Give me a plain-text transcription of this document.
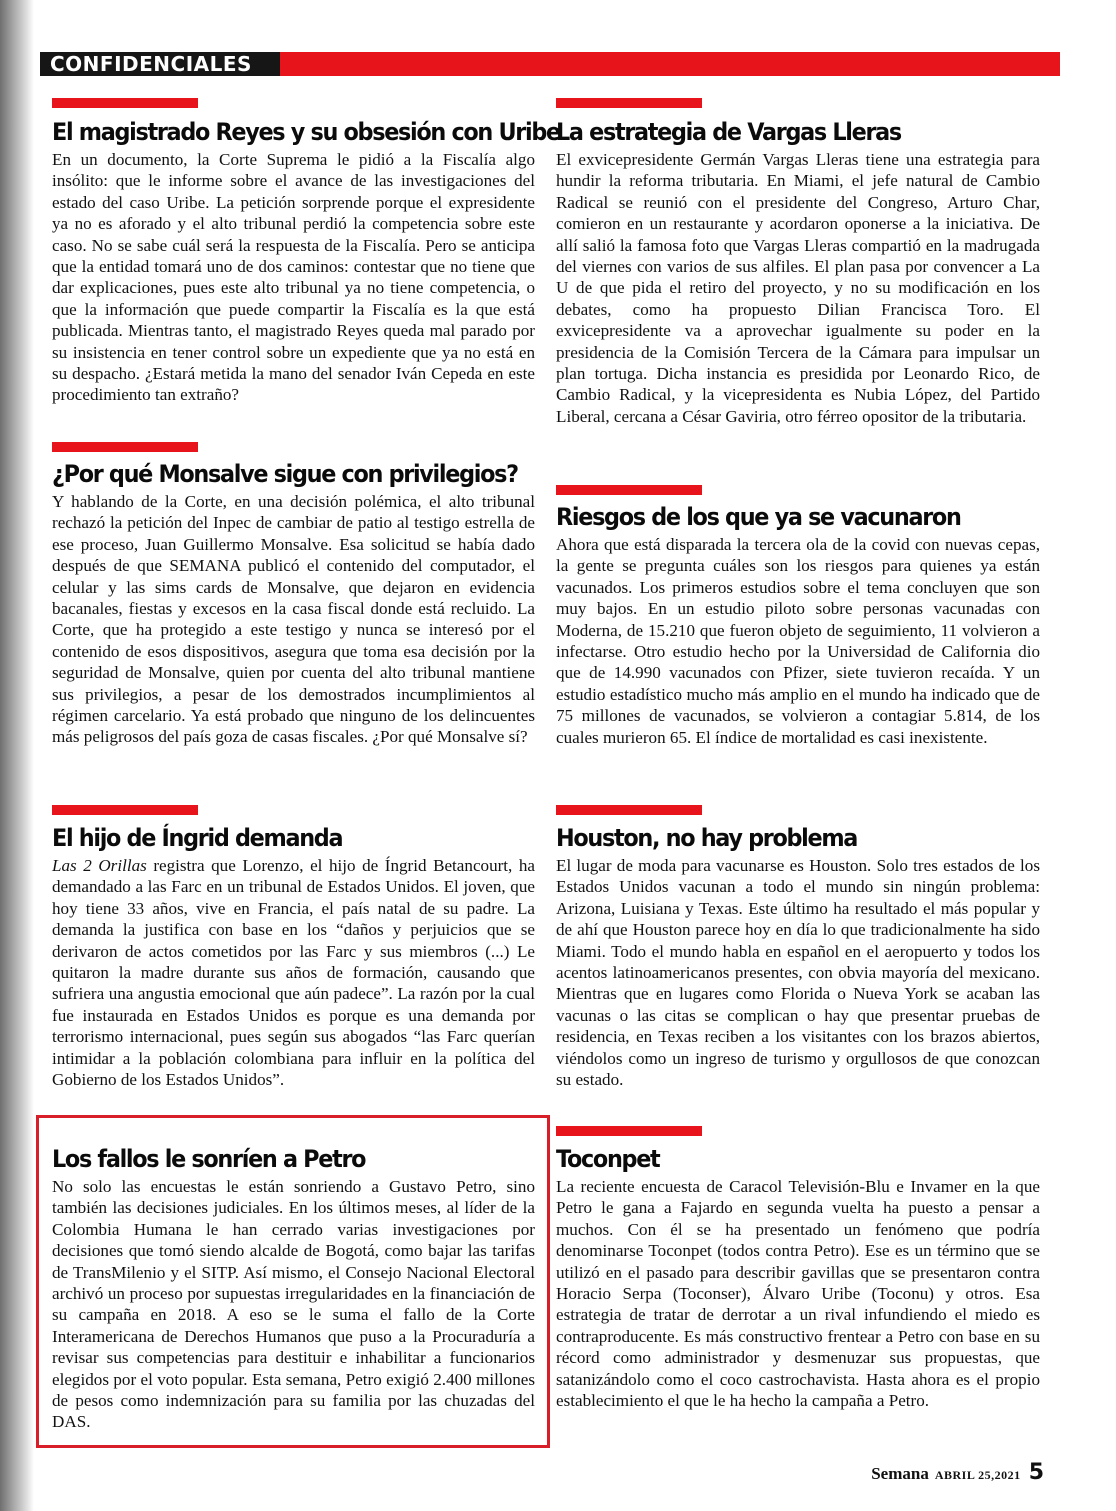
CONFIDENCIALES
El magistrado Reyes y su obsesión con Uribe
En un documento, la Corte Suprema le pidió a la Fiscalía algo insólito: que le informe sobre el avance de las investigaciones del estado del caso Uribe. La petición sorprende porque el expresidente ya no es aforado y el alto tribunal perdió la competencia sobre este caso. No se sabe cuál será la respuesta de la Fiscalía. Pero se anticipa que la entidad tomará uno de dos caminos: contestar que no tiene que dar explicaciones, pues este alto tribunal ya no tiene competencia, o que la información que puede compartir la Fiscalía es la que está publicada. Mientras tanto, el magistrado Reyes queda mal parado por su insistencia en tener control sobre un expediente que ya no está en su despacho. ¿Estará metida la mano del senador Iván Cepeda en este procedimiento tan extraño?
¿Por qué Monsalve sigue con privilegios?
Y hablando de la Corte, en una decisión polémica, el alto tribunal rechazó la petición del Inpec de cambiar de patio al testigo estrella de ese proceso, Juan Guillermo Monsalve. Esa solicitud se había dado después de que SEMANA publicó el contenido del computador, el celular y las sims cards de Monsalve, que dejaron en evidencia bacanales, fiestas y excesos en la casa fiscal donde está recluido. La Corte, que ha protegido a este testigo y nunca se interesó por el contenido de esos dispositivos, asegura que toma esa decisión por la seguridad de Monsalve, quien por cuenta del alto tribunal mantiene sus privilegios, a pesar de los demostrados incumplimientos al régimen carcelario. Ya está probado que ninguno de los delincuentes más peligrosos del país goza de casas fiscales. ¿Por qué Monsalve sí?
El hijo de Íngrid demanda
Las 2 Orillas registra que Lorenzo, el hijo de Íngrid Betancourt, ha demandado a las Farc en un tribunal de Estados Unidos. El joven, que hoy tiene 33 años, vive en Francia, el país natal de su padre. La demanda la justifica con base en los “daños y perjuicios que se derivaron de actos cometidos por las Farc y sus miembros (...) Le quitaron la madre durante sus años de formación, causando que sufriera una angustia emocional que aún padece”. La razón por la cual fue instaurada en Estados Unidos es porque es una demanda por terrorismo internacional, pues según sus abogados “las Farc querían intimidar a la población colombiana para influir en la política del Gobierno de los Estados Unidos”.
Los fallos le sonríen a Petro
No solo las encuestas le están sonriendo a Gustavo Petro, sino también las decisiones judiciales. En los últimos meses, al líder de la Colombia Humana le han cerrado varias investigaciones por decisiones que tomó siendo alcalde de Bogotá, como bajar las tarifas de TransMilenio y el SITP. Así mismo, el Consejo Nacional Electoral archivó un proceso por supuestas irregularidades en la financiación de su campaña en 2018. A eso se le suma el fallo de la Corte Interamericana de Derechos Humanos que puso a la Procuraduría a revisar sus competencias para destituir e inhabilitar a funcionarios elegidos por el voto popular. Esta semana, Petro exigió 2.400 millones de pesos como indemnización para su familia por las chuzadas del DAS.
La estrategia de Vargas Lleras
El exvicepresidente Germán Vargas Lleras tiene una estrategia para hundir la reforma tributaria. En Miami, el jefe natural de Cambio Radical se reunió con el presidente del Congreso, Arturo Char, comieron en un restaurante y acordaron oponerse a la iniciativa. De allí salió la famosa foto que Vargas Lleras compartió en la madrugada del viernes con varios de sus alfiles. El plan pasa por convencer a La U de que pida el retiro del proyecto, y no su modificación en los debates, como ha propuesto Dilian Francisca Toro. El exvicepresidente va a aprovechar igualmente su poder en la presidencia de la Comisión Tercera de la Cámara para impulsar un plan tortuga. Dicha instancia es presidida por Leonardo Rico, de Cambio Radical, y la vicepresidenta es Nubia López, del Partido Liberal, cercana a César Gaviria, otro férreo opositor de la tributaria.
Riesgos de los que ya se vacunaron
Ahora que está disparada la tercera ola de la covid con nuevas cepas, la gente se pregunta cuáles son los riesgos para quienes ya están vacunados. Los primeros estudios sobre el tema concluyen que son muy bajos. En un estudio piloto sobre personas vacunadas con Moderna, de 15.210 que fueron objeto de seguimiento, 11 volvieron a infectarse. Otro estudio hecho por la Universidad de California dio que de 14.990 vacunados con Pfizer, siete tuvieron recaída. Y un estudio estadístico mucho más amplio en el mundo ha indicado que de 75 millones de vacunados, se volvieron a contagiar 5.814, de los cuales murieron 65. El índice de mortalidad es casi inexistente.
Houston, no hay problema
El lugar de moda para vacunarse es Houston. Solo tres estados de los Estados Unidos vacunan a todo el mundo sin ningún problema: Arizona, Luisiana y Texas. Este último ha resultado el más popular y de ahí que Houston parece hoy en día lo que tradicionalmente ha sido Miami. Todo el mundo habla en español en el aeropuerto y todos los acentos latinoamericanos presentes, con obvia mayoría del mexicano. Mientras que en lugares como Florida o Nueva York se acaban las vacunas o las citas se complican o hay que presentar pruebas de residencia, en Texas reciben a los visitantes con los brazos abiertos, viéndolos como un ingreso de turismo y orgullosos de que conozcan su estado.
Toconpet
La reciente encuesta de Caracol Televisión-Blu e Invamer en la que Petro le gana a Fajardo en segunda vuelta ha puesto a pensar a muchos. Con él se ha presentado un fenómeno que podría denominarse Toconpet (todos contra Petro). Ese es un término que se utilizó en el pasado para describir gavillas que se presentaron contra Horacio Serpa (Toconser), Álvaro Uribe (Toconu) y otros. Esa estrategia de tratar de derrotar a un rival infundiendo el miedo es contraproducente. Es más constructivo frentear a Petro con base en su récord como administrador y desmenuzar sus propuestas, que satanizándolo como el coco castrochavista. Hasta ahora es el propio establecimiento el que le ha hecho la campaña a Petro.
Semana ABRIL 25,2021 5
